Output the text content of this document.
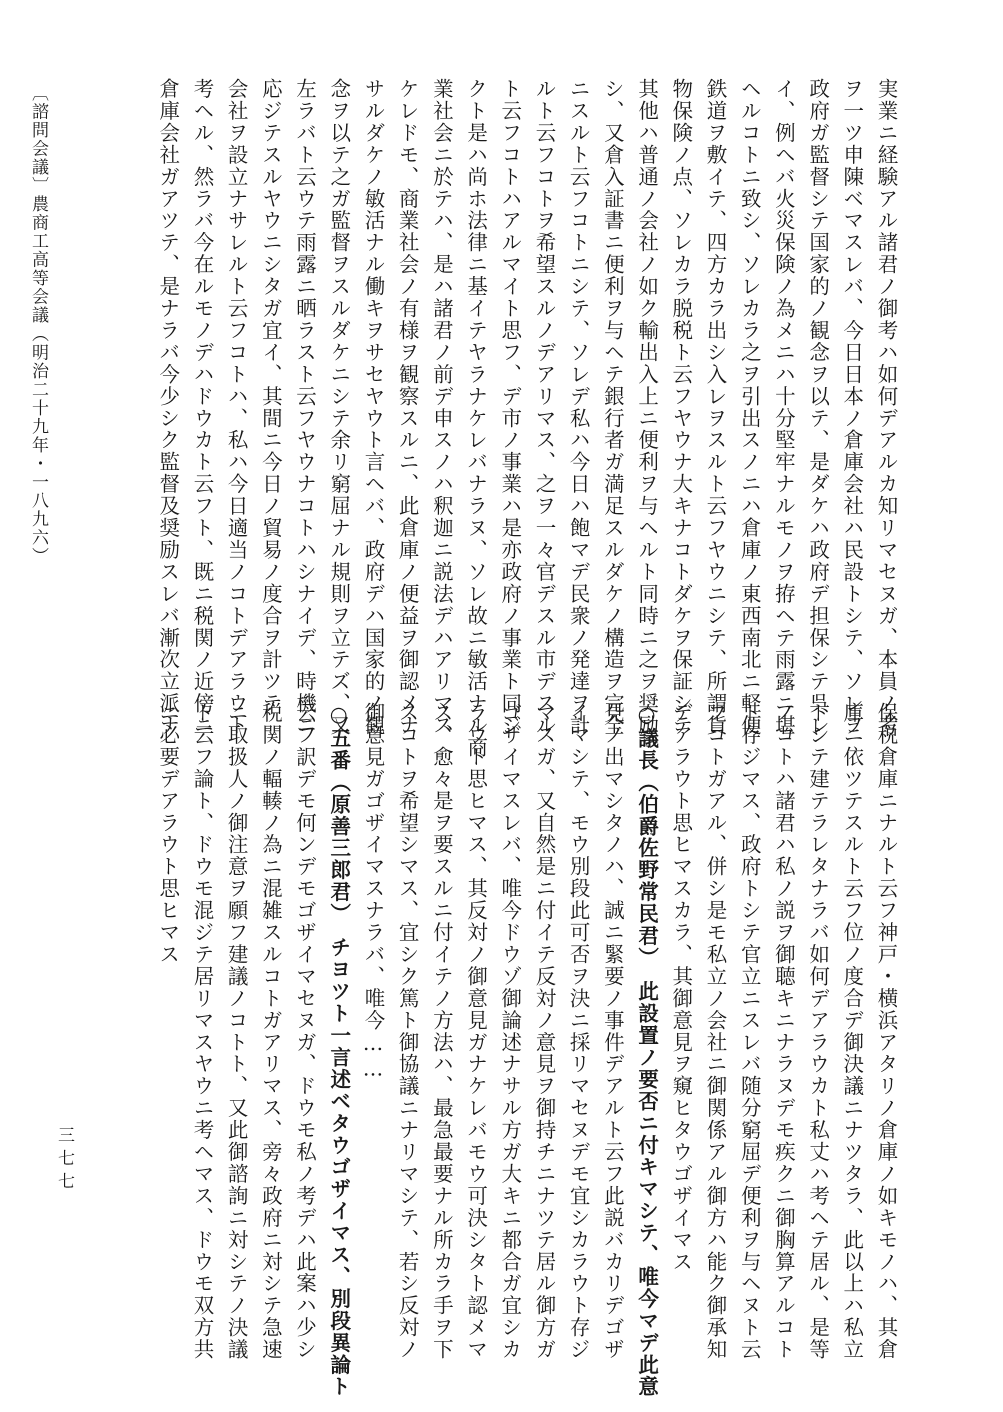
実業ニ経験アル諸君ノ御考ハ如何デアルカ知リマセヌガ、本員ノ考
ヲ一ツ申陳ベマスレバ、今日日本ノ倉庫会社ハ民設トシテ、ソレヲ
政府ガ監督シテ国家的ノ観念ヲ以テ、是ダケハ政府デ担保シテ呉レ
イ、例ヘバ火災保険ノ為メニハ十分堅牢ナルモノヲ拵ヘテ雨露ニ堪
ヘルコトニ致シ、ソレカラ之ヲ引出スノニハ倉庫ノ東西南北ニ軽便
鉄道ヲ敷イテ、四方カラ出シ入レヲスルト云フヤウニシテ、所謂貨
物保険ノ点、ソレカラ脱税ト云フヤウナ大キナコトダケヲ保証シテ
其他ハ普通ノ会社ノ如ク輸出入上ニ便利ヲ与ヘルト同時ニ之ヲ奨励
シ、又倉入証書ニ便利ヲ与ヘテ銀行者ガ満足スルダケノ構造ヲ完全
ニスルト云フコトニシテ、ソレデ私ハ今日ハ飽マデ民衆ノ発達ヲ計
ルト云フコトヲ希望スルノデアリマス、之ヲ一々官デスル市デスル
ト云フコトハアルマイト思フ、デ市ノ事業ハ是亦政府ノ事業ト同ジ
クト是ハ尚ホ法律ニ基イテヤラナケレバナラヌ、ソレ故ニ敏活ナル商
業社会ニ於テハ、是ハ諸君ノ前デ申スノハ釈迦ニ説法デハアリマス
ケレドモ、商業社会ノ有様ヲ観察スルニ、此倉庫ノ便益ヲ御認メナ
サルダケノ敏活ナル働キヲサセヤウト言ヘバ、政府デハ国家的ノ観
念ヲ以テ之ガ監督ヲスルダケニシテ余リ窮屈ナル規則ヲ立テズ、又
左ラバト云ウテ雨露ニ晒ラスト云フヤウナコトハシナイデ、時機ニ
応ジテスルヤウニシタガ宜イ、其間ニ今日ノ貿易ノ度合ヲ計ツテ
会社ヲ設立ナサレルト云フコトハ、私ハ今日適当ノコトデアラウト
考ヘル、然ラバ今在ルモノデハドウカト云フト、既ニ税関ノ近傍ニ
倉庫会社ガアツテ、是ナラバ今少シク監督及奨励スレバ漸次立派ナ
保税倉庫ニナルト云フ神戸・横浜アタリノ倉庫ノ如キモノハ、其倉
庫ニ依ツテスルト云フ位ノ度合デ御決議ニナツタラ、此以上ハ私立
トシテ建テラレタナラバ如何デアラウカト私丈ハ考ヘテ居ル、是等
ノコトハ諸君ハ私ノ説ヲ御聴キニナラヌデモ疾クニ御胸算アルコト
ト存ジマス、政府トシテ官立ニスレバ随分窮屈デ便利ヲ与ヘヌト云
フコトガアル、併シ是モ私立ノ会社ニ御関係アル御方ハ能ク御承知
デアラウト思ヒマスカラ、其御意見ヲ窺ヒタウゴザイマス
○議長（伯爵佐野常民君）　此設置ノ要否ニ付キマシテ、唯今マデ此意
見ノ出マシタノハ、誠ニ緊要ノ事件デアルト云フ此説バカリデゴザ
イマシテ、モウ別段此可否ヲ決ニ採リマセヌデモ宜シカラウト存ジ
マスガ、又自然是ニ付イテ反対ノ意見ヲ御持チニナツテ居ル御方ガ
ゴザイマスレバ、唯今ドウゾ御論述ナサル方ガ大キニ都合ガ宜シカ
ラウト思ヒマス、其反対ノ御意見ガナケレバモウ可決シタト認メマ
ス、愈々是ヲ要スルニ付イテノ方法ハ、最急最要ナル所カラ手ヲ下
スコトヲ希望シマス、宜シク篤ト御協議ニナリマシテ、若シ反対ノ
御意見ガゴザイマスナラバ、唯今……
○五番（原善三郎君）　チヨツト一言述ベタウゴザイマス、別段異論ト
云フ訳デモ何ンデモゴザイマセヌガ、ドウモ私ノ考デハ此案ハ少シ
税関ノ輻輳ノ為ニ混雑スルコトガアリマス、旁々政府ニ対シテ急速
ニ取扱人ノ御注意ヲ願フ建議ノコトト、又此御諮詢ニ対シテノ決議
ト云フ論ト、ドウモ混ジテ居リマスヤウニ考ヘマス、ドウモ双方共
ニ必要デアラウト思ヒマス
〔諮問会議〕農商工高等会議（明治二十九年・一八九六）
三七七
